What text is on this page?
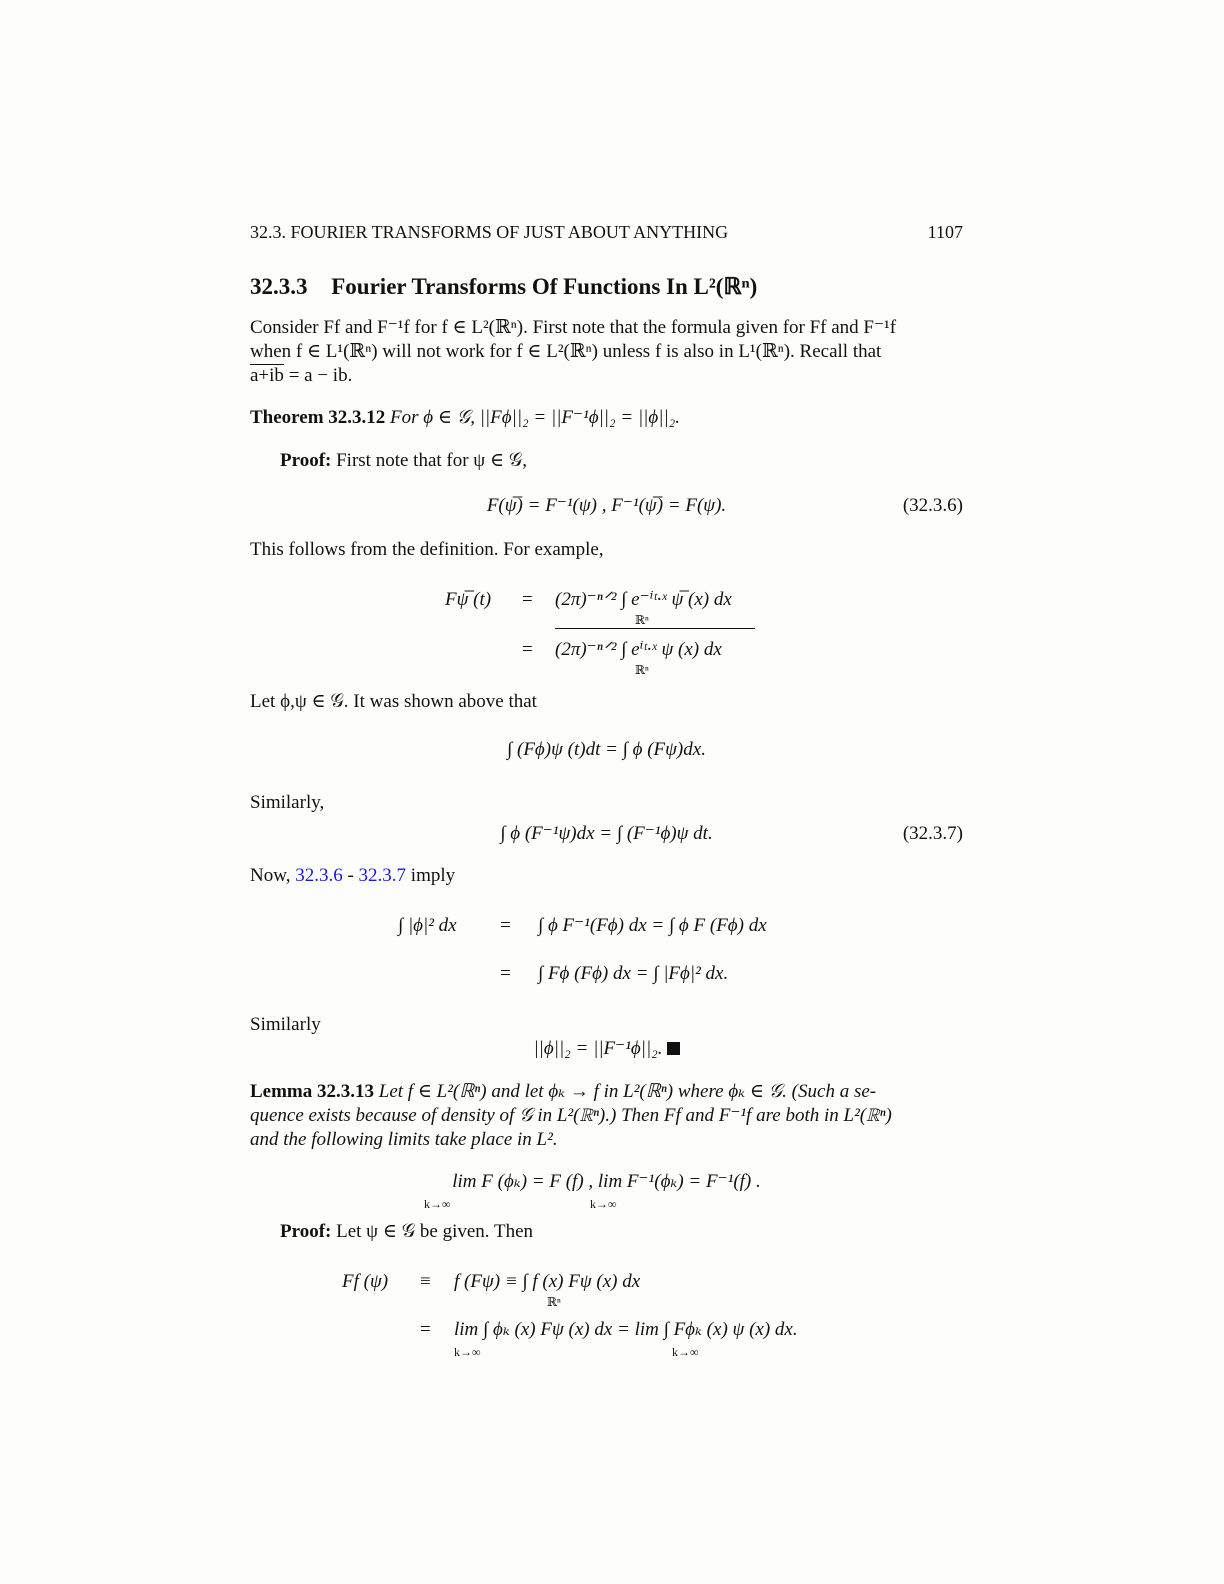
32.3. FOURIER TRANSFORMS OF JUST ABOUT ANYTHING	1107
32.3.3 Fourier Transforms Of Functions In L²(ℝⁿ)

Consider Ff and F⁻¹f for f ∈ L²(ℝⁿ). First note that the formula given for Ff and F⁻¹f

when f ∈ L¹(ℝⁿ) will not work for f ∈ L²(ℝⁿ) unless f is also in L¹(ℝⁿ). Recall that

a+ib = a − ib.

Theorem 32.3.12 For ϕ ∈ 𝒢, ||Fϕ||₂ = ||F⁻¹ϕ||₂ = ||ϕ||₂.
Proof: First note that for ψ ∈ 𝒢,
F(ψ̅) = F⁻¹(ψ) , F⁻¹(ψ̅) = F(ψ).	(32.3.6)
This follows from the definition. For example,
Fψ̅ (t) = (2π)⁻ⁿᐟ² ∫ e⁻ⁱᵗ·ˣ ψ̅ (x) dx
ℝⁿ
= (2π)⁻ⁿᐟ² ∫ eⁱᵗ·ˣ ψ (x) dx
ℝⁿ
Let ϕ,ψ ∈ 𝒢. It was shown above that
∫ (Fϕ)ψ (t)dt = ∫ ϕ (Fψ)dx.
Similarly,
∫ ϕ (F⁻¹ψ)dx = ∫ (F⁻¹ϕ)ψ dt.	(32.3.7)
Now, 32.3.6 - 32.3.7 imply
∫ |ϕ|² dx = ∫ ϕ F⁻¹(Fϕ) dx = ∫ ϕ F (Fϕ) dx
= ∫ Fϕ (Fϕ) dx = ∫ |Fϕ|² dx.
Similarly
||ϕ||₂ = ||F⁻¹ϕ||₂.
Lemma 32.3.13 Let f ∈ L²(ℝⁿ) and let ϕₖ → f in L²(ℝⁿ) where ϕₖ ∈ 𝒢. (Such a se-
quence exists because of density of 𝒢 in L²(ℝⁿ).) Then Ff and F⁻¹f are both in L²(ℝⁿ)
and the following limits take place in L².
lim F (ϕₖ) = F (f) , lim F⁻¹(ϕₖ) = F⁻¹(f) .
k→∞	k→∞
Proof: Let ψ ∈ 𝒢 be given. Then
Ff (ψ) ≡ f (Fψ) ≡ ∫ f (x) Fψ (x) dx
ℝⁿ
= lim ∫ ϕₖ (x) Fψ (x) dx = lim ∫ Fϕₖ (x) ψ (x) dx.
k→∞	k→∞
